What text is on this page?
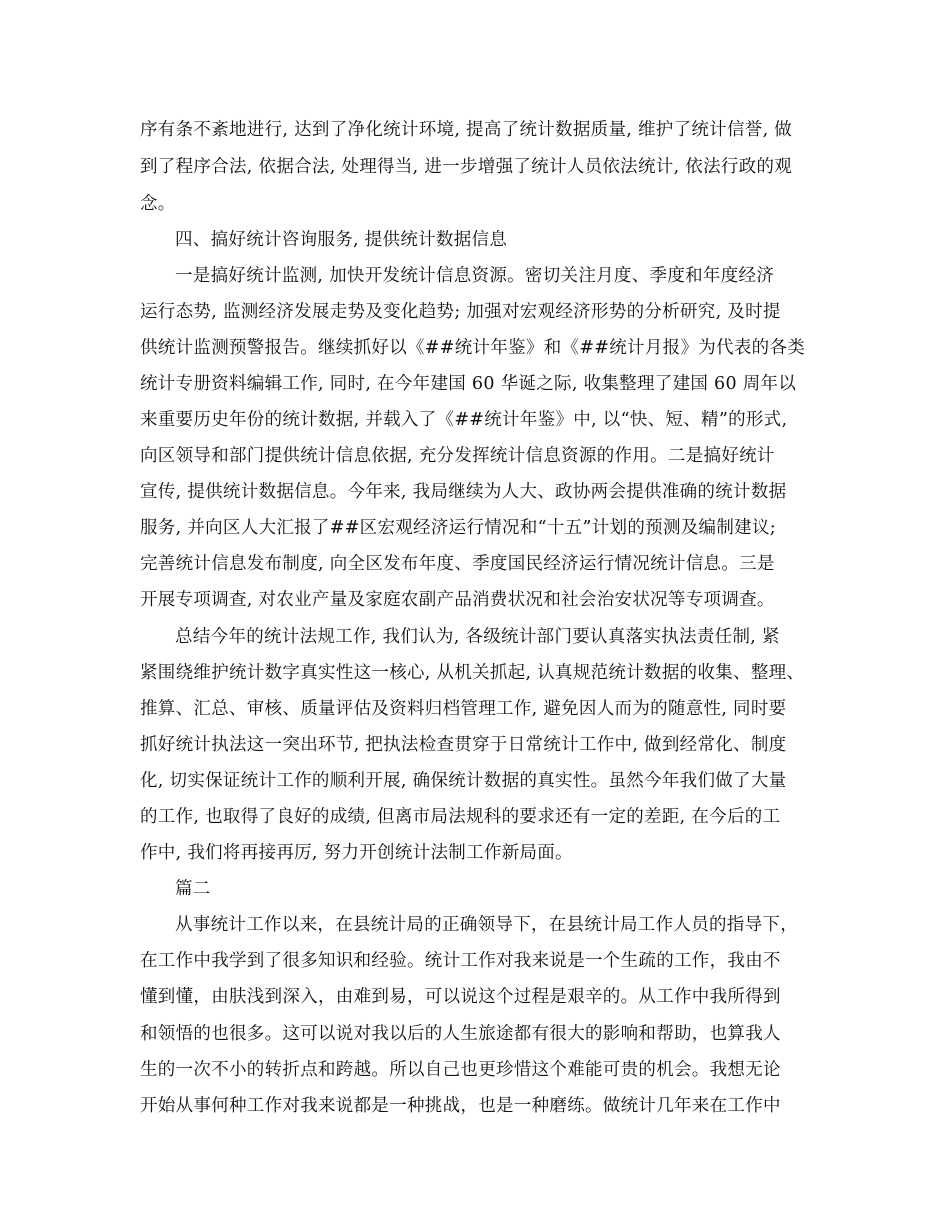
序有条不紊地进行, 达到了净化统计环境, 提高了统计数据质量, 维护了统计信誉, 做
到了程序合法, 依据合法, 处理得当, 进一步增强了统计人员依法统计, 依法行政的观
念。
四、搞好统计咨询服务, 提供统计数据信息
一是搞好统计监测, 加快开发统计信息资源。密切关注月度、季度和年度经济
运行态势, 监测经济发展走势及变化趋势; 加强对宏观经济形势的分析研究, 及时提
供统计监测预警报告。继续抓好以《##统计年鉴》和《##统计月报》为代表的各类
统计专册资料编辑工作, 同时, 在今年建国 60 华诞之际, 收集整理了建国 60 周年以
来重要历史年份的统计数据, 并载入了《##统计年鉴》中, 以“快、短、精”的形式,
向区领导和部门提供统计信息依据, 充分发挥统计信息资源的作用。二是搞好统计
宣传, 提供统计数据信息。今年来, 我局继续为人大、政协两会提供准确的统计数据
服务, 并向区人大汇报了##区宏观经济运行情况和“十五”计划的预测及编制建议;
完善统计信息发布制度, 向全区发布年度、季度国民经济运行情况统计信息。三是
开展专项调查, 对农业产量及家庭农副产品消费状况和社会治安状况等专项调查。
总结今年的统计法规工作, 我们认为, 各级统计部门要认真落实执法责任制, 紧
紧围绕维护统计数字真实性这一核心, 从机关抓起, 认真规范统计数据的收集、整理、
推算、汇总、审核、质量评估及资料归档管理工作, 避免因人而为的随意性, 同时要
抓好统计执法这一突出环节, 把执法检查贯穿于日常统计工作中, 做到经常化、制度
化, 切实保证统计工作的顺利开展, 确保统计数据的真实性。虽然今年我们做了大量
的工作, 也取得了良好的成绩, 但离市局法规科的要求还有一定的差距, 在今后的工
作中, 我们将再接再厉, 努力开创统计法制工作新局面。
篇二
从事统计工作以来，在县统计局的正确领导下，在县统计局工作人员的指导下，
在工作中我学到了很多知识和经验。统计工作对我来说是一个生疏的工作，我由不
懂到懂，由肤浅到深入，由难到易，可以说这个过程是艰辛的。从工作中我所得到
和领悟的也很多。这可以说对我以后的人生旅途都有很大的影响和帮助，也算我人
生的一次不小的转折点和跨越。所以自己也更珍惜这个难能可贵的机会。我想无论
开始从事何种工作对我来说都是一种挑战，也是一种磨练。做统计几年来在工作中
